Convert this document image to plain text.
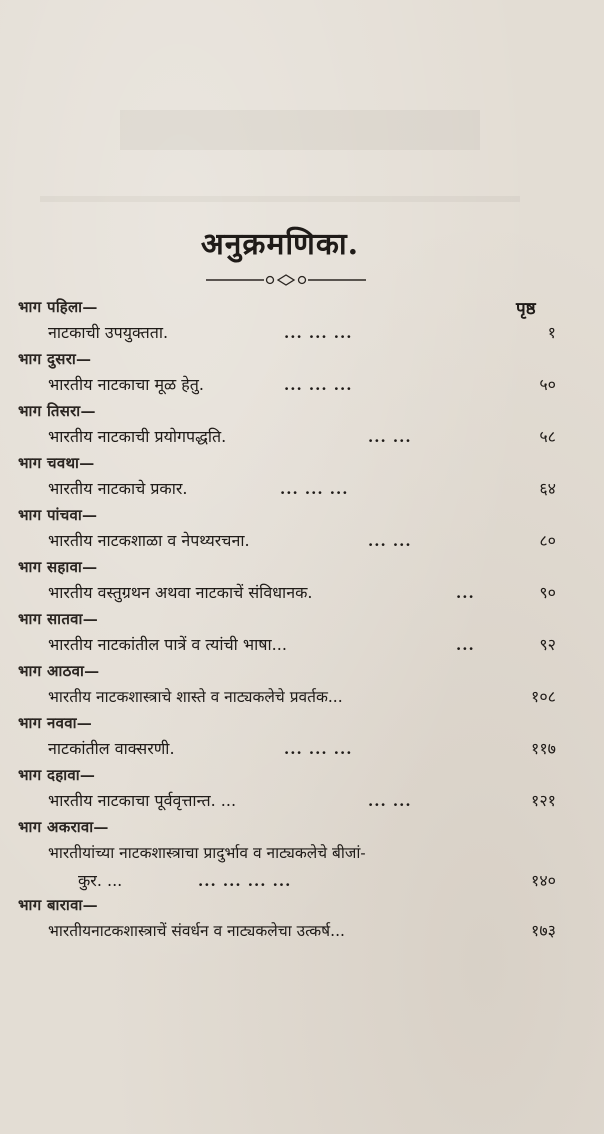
अनुक्रमणिका.
पृष्ठ
भाग पहिला—
नाटकाची उपयुक्तता.	... ... ...	१
भाग दुसरा—
भारतीय नाटकाचा मूळ हेतु.	... ... ...	५०
भाग तिसरा—
भारतीय नाटकाची प्रयोगपद्धति.	... ...	५८
भाग चवथा—
भारतीय नाटकाचे प्रकार.	... ... ...	६४
भाग पांचवा—
भारतीय नाटकशाळा व नेपथ्यरचना.	... ...	८०
भाग सहावा—
भारतीय वस्तुग्रथन अथवा नाटकाचें संविधानक.	...	९०
भाग सातवा—
भारतीय नाटकांतील पात्रें व त्यांची भाषा...	...	९२
भाग आठवा—
भारतीय नाटकशास्त्राचे शास्ते व नाट्यकलेचे प्रवर्तक...	१०८
भाग नववा—
नाटकांतील वाक्सरणी.	... ... ...	११७
भाग दहावा—
भारतीय नाटकाचा पूर्ववृत्तान्त. ...	... ...	१२१
भाग अकरावा—
भारतीयांच्या नाटकशास्त्राचा प्रादुर्भाव व नाट्यकलेचे बीजां-
कुर. ...	... ... ... ...	१४०
भाग बारावा—
भारतीयनाटकशास्त्राचें संवर्धन व नाट्यकलेचा उत्कर्ष...	१७३
